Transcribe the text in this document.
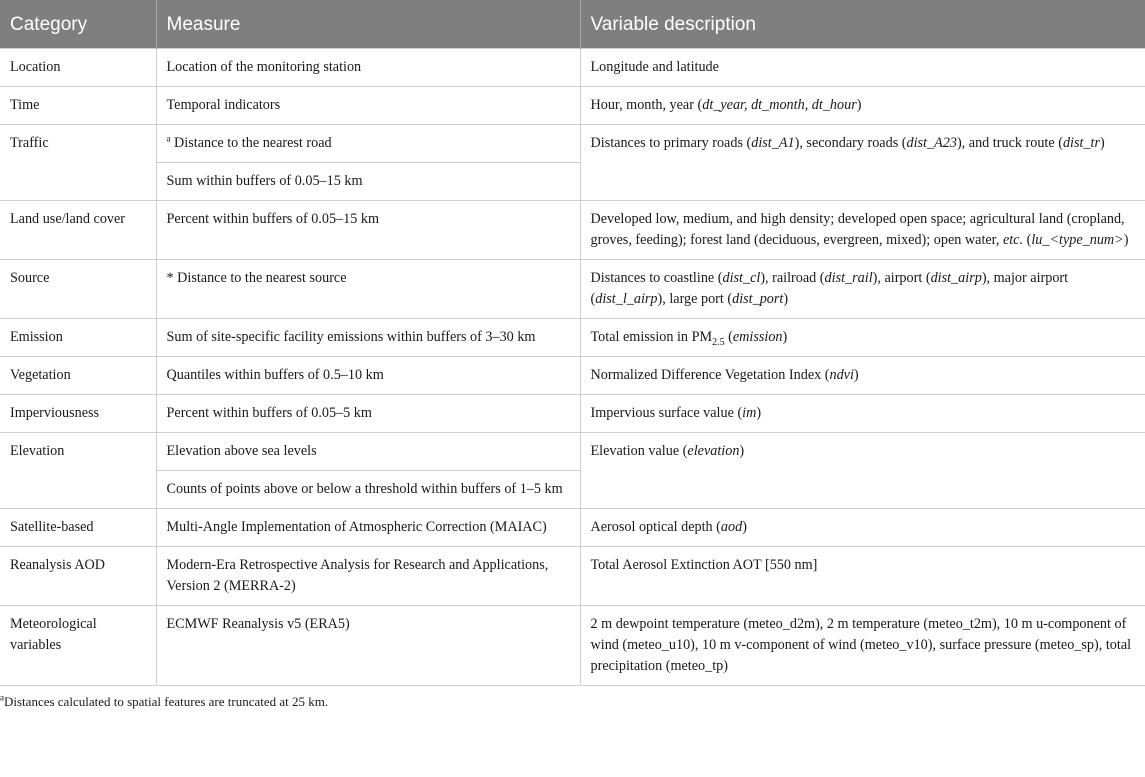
Category	Measure	Variable description
Location	Location of the monitoring station	Longitude and latitude
Time	Temporal indicators	Hour, month, year (dt_year, dt_month, dt_hour)
Traffic	$^a$ Distance to the nearest road	Distances to primary roads (dist_A1), secondary roads (dist_A23), and truck route (dist_tr)
	Sum within buffers of 0.05–15 km	
Land use/land cover	Percent within buffers of 0.05–15 km	Developed low, medium, and high density; developed open space; agricultural land (cropland, groves, feeding); forest land (deciduous, evergreen, mixed); open water, etc. (lu_<type_num>)
Source	* Distance to the nearest source	Distances to coastline (dist_cl), railroad (dist_rail), airport (dist_airp), major airport (dist_l_airp), large port (dist_port)
Emission	Sum of site-specific facility emissions within buffers of 3–30 km	Total emission in $PM_{2.5}$ (emission)
Vegetation	Quantiles within buffers of 0.5–10 km	Normalized Difference Vegetation Index (ndvi)
Imperviousness	Percent within buffers of 0.05–5 km	Impervious surface value (im)
Elevation	Elevation above sea levels	Elevation value (elevation)
	Counts of points above or below a threshold within buffers of 1–5 km	
Satellite-based	Multi-Angle Implementation of Atmospheric Correction (MAIAC)	Aerosol optical depth (aod)
Reanalysis AOD	Modern-Era Retrospective Analysis for Research and Applications, Version 2 (MERRA-2)	Total Aerosol Extinction AOT [550 nm]
Meteorological variables	ECMWF Reanalysis v5 (ERA5)	2 m dewpoint temperature (meteo_d2m), 2 m temperature (meteo_t2m), 10 m u-component of wind (meteo_u10), 10 m v-component of wind (meteo_v10), surface pressure (meteo_sp), total precipitation (meteo_tp)
$^a$Distances calculated to spatial features are truncated at 25 km.
